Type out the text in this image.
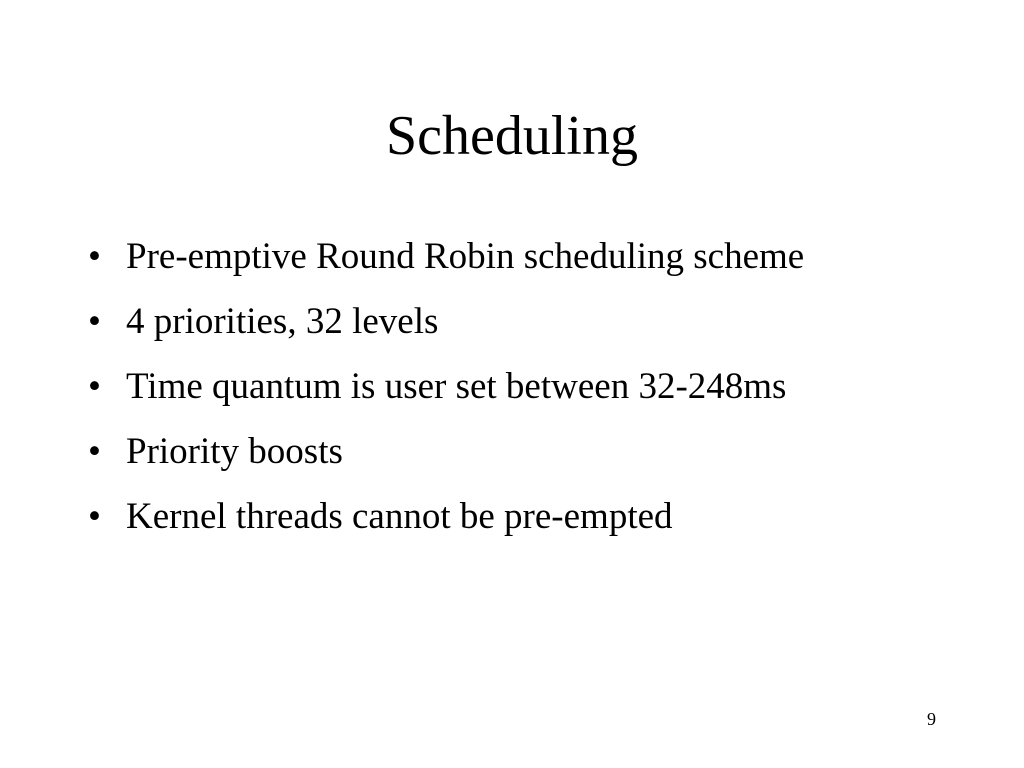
Scheduling
• Pre-emptive Round Robin scheduling scheme
• 4 priorities, 32 levels
• Time quantum is user set between 32-248ms
• Priority boosts
• Kernel threads cannot be pre-empted
9
